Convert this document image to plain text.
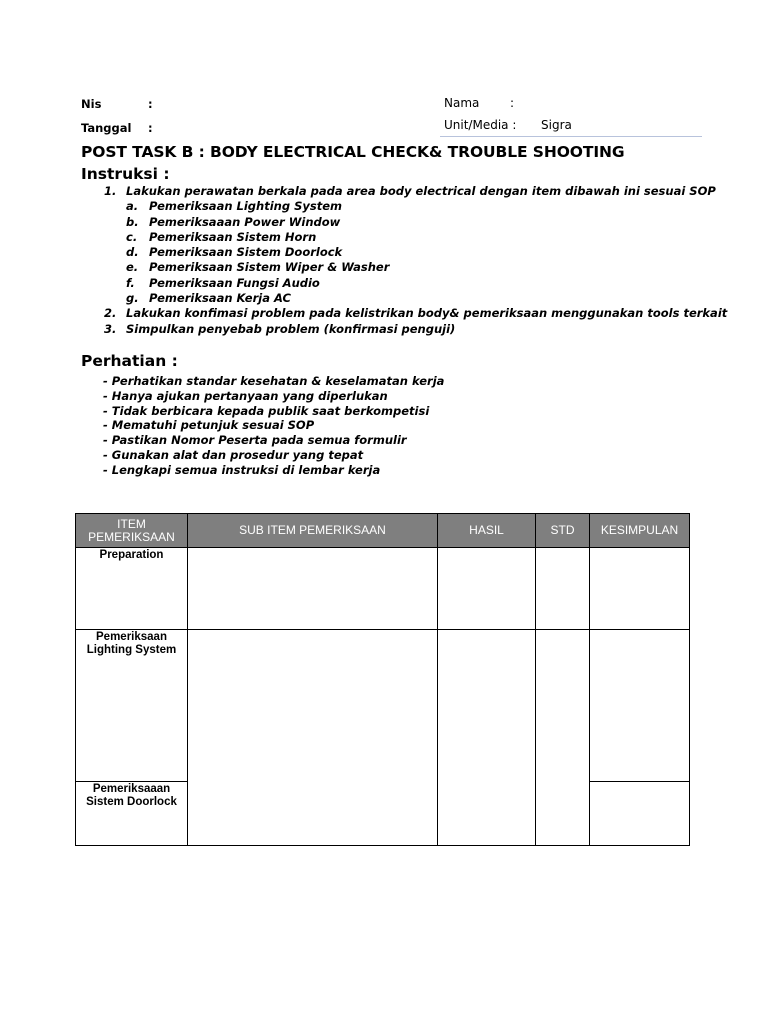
Nis	:
Tanggal :
Nama	:
Unit/Media : Sigra
POST TASK B : BODY ELECTRICAL CHECK& TROUBLE SHOOTING
Instruksi :
1. Lakukan perawatan berkala pada area body electrical dengan item dibawah ini sesuai SOP
a. Pemeriksaan Lighting System
b. Pemeriksaaan Power Window
c. Pemeriksaan Sistem Horn
d. Pemeriksaan Sistem Doorlock
e. Pemeriksaan Sistem Wiper & Washer
f. Pemeriksaan Fungsi Audio
g. Pemeriksaan Kerja AC
2. Lakukan konfimasi problem pada kelistrikan body& pemeriksaan menggunakan tools terkait
3. Simpulkan penyebab problem (konfirmasi penguji)
Perhatian :
- Perhatikan standar kesehatan & keselamatan kerja
- Hanya ajukan pertanyaan yang diperlukan
- Tidak berbicara kepada publik saat berkompetisi
- Mematuhi petunjuk sesuai SOP
- Pastikan Nomor Peserta pada semua formulir
- Gunakan alat dan prosedur yang tepat
- Lengkapi semua instruksi di lembar kerja
ITEM PEMERIKSAAN	SUB ITEM PEMERIKSAAN	HASIL	STD	KESIMPULAN
Preparation				
Pemeriksaan Lighting System				
Pemeriksaaan Sistem Doorlock				
